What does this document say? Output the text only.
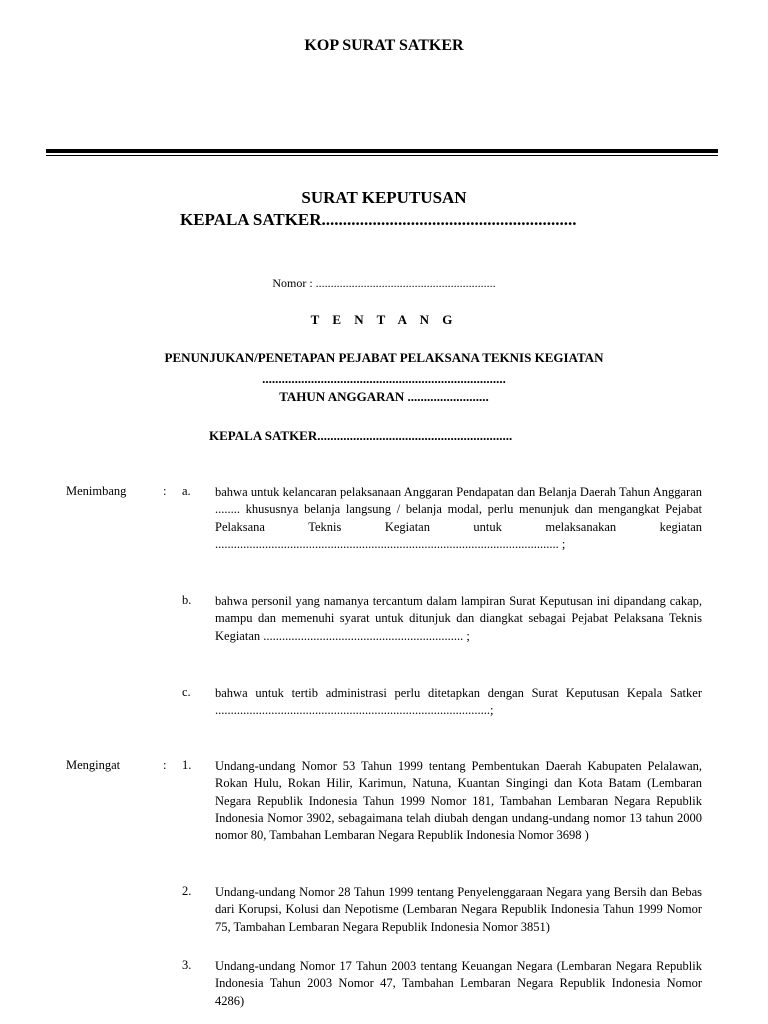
KOP SURAT SATKER
SURAT KEPUTUSAN
KEPALA SATKER............................................................
Nomor : ............................................................
T E N T A N G
PENUNJUKAN/PENETAPAN PEJABAT PELAKSANA TEKNIS KEGIATAN
...........................................................................
TAHUN ANGGARAN .........................
KEPALA SATKER............................................................
Menimbang	: a. bahwa untuk kelancaran pelaksanaan Anggaran Pendapatan dan Belanja Daerah Tahun Anggaran ........ khususnya belanja langsung / belanja modal, perlu menunjuk dan mengangkat Pejabat Pelaksana Teknis Kegiatan untuk melaksanakan kegiatan .............................................................................................................. ;
b. bahwa personil yang namanya tercantum dalam lampiran Surat Keputusan ini dipandang cakap, mampu dan memenuhi syarat untuk ditunjuk dan diangkat sebagai Pejabat Pelaksana Teknis Kegiatan ................................................................ ;
c. bahwa untuk tertib administrasi perlu ditetapkan dengan Surat Keputusan Kepala Satker ........................................................................................;
Mengingat	: 1. Undang-undang Nomor 53 Tahun 1999 tentang Pembentukan Daerah Kabupaten Pelalawan, Rokan Hulu, Rokan Hilir, Karimun, Natuna, Kuantan Singingi dan Kota Batam (Lembaran Negara Republik Indonesia Tahun 1999 Nomor 181, Tambahan Lembaran Negara Republik Indonesia Nomor 3902, sebagaimana telah diubah dengan undang-undang nomor 13 tahun 2000 nomor 80, Tambahan Lembaran Negara Republik Indonesia Nomor 3698 )
2. Undang-undang Nomor 28 Tahun 1999 tentang Penyelenggaraan Negara yang Bersih dan Bebas dari Korupsi, Kolusi dan Nepotisme (Lembaran Negara Republik Indonesia Tahun 1999 Nomor 75, Tambahan Lembaran Negara Republik Indonesia Nomor 3851)
3. Undang-undang Nomor 17 Tahun 2003 tentang Keuangan Negara (Lembaran Negara Republik Indonesia Tahun 2003 Nomor 47, Tambahan Lembaran Negara Republik Indonesia Nomor 4286)
